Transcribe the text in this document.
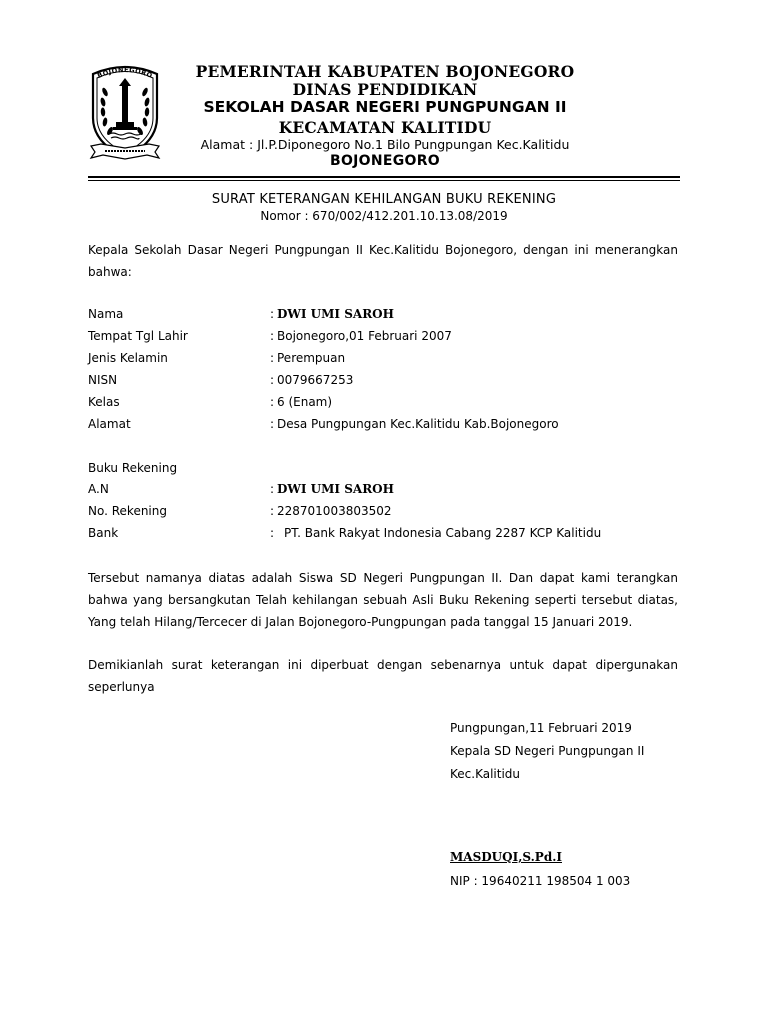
BOJONEGORO	PEMERINTAH KABUPATEN BOJONEGORO
DINAS PENDIDIKAN
SEKOLAH DASAR NEGERI PUNGPUNGAN II
KECAMATAN KALITIDU
Alamat : Jl.P.Diponegoro No.1 Bilo Pungpungan Kec.Kalitidu
BOJONEGORO
SURAT KETERANGAN KEHILANGAN BUKU REKENING
Nomor : 670/002/412.201.10.13.08/2019
Kepala Sekolah Dasar Negeri Pungpungan II Kec.Kalitidu Bojonegoro, dengan ini menerangkan bahwa:
Nama	: DWI UMI SAROH
Tempat Tgl Lahir	: Bojonegoro,01 Februari 2007
Jenis Kelamin	: Perempuan
NISN	: 0079667253
Kelas	: 6 (Enam)
Alamat	: Desa Pungpungan Kec.Kalitidu Kab.Bojonegoro
Buku Rekening
A.N	: DWI UMI SAROH
No. Rekening	: 228701003803502
Bank	: PT. Bank Rakyat Indonesia Cabang 2287 KCP Kalitidu
Tersebut namanya diatas adalah Siswa SD Negeri Pungpungan II. Dan dapat kami terangkan bahwa yang bersangkutan Telah kehilangan sebuah Asli Buku Rekening seperti tersebut diatas, Yang telah Hilang/Tercecer di Jalan Bojonegoro-Pungpungan pada tanggal 15 Januari 2019.
Demikianlah surat keterangan ini diperbuat dengan sebenarnya untuk dapat dipergunakan seperlunya
Pungpungan,11 Februari 2019
Kepala SD Negeri Pungpungan II
Kec.Kalitidu
MASDUQI,S.Pd.I
NIP : 19640211 198504 1 003
